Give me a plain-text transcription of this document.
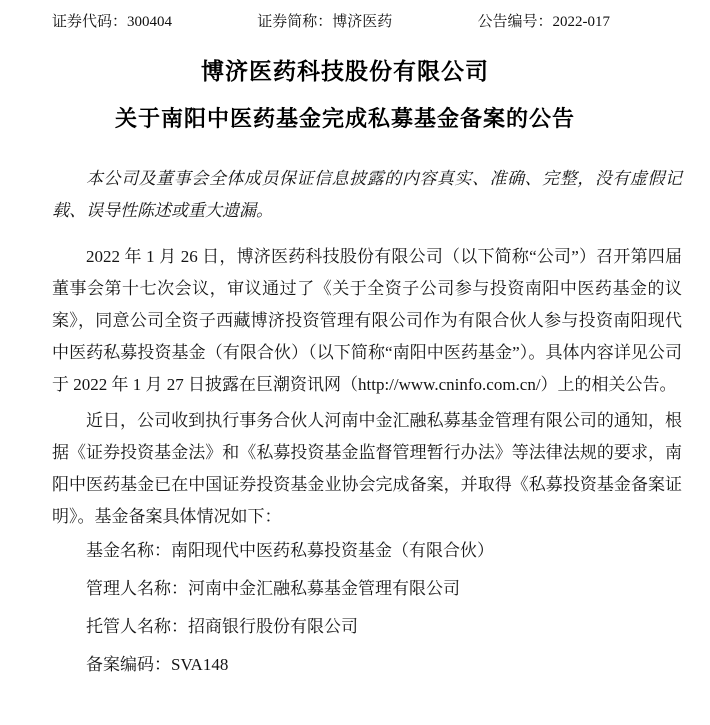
证券代码：300404	证券简称：博济医药	公告编号：2022-017
博济医药科技股份有限公司
关于南阳中医药基金完成私募基金备案的公告

本公司及董事会全体成员保证信息披露的内容真实、准确、完整，没有虚假记载、误导性陈述或重大遗漏。

2022 年 1 月 26 日，博济医药科技股份有限公司（以下简称“公司”）召开第四届董事会第十七次会议，审议通过了《关于全资子公司参与投资南阳中医药基金的议案》，同意公司全资子西藏博济投资管理有限公司作为有限合伙人参与投资南阳现代中医药私募投资基金（有限合伙）（以下简称“南阳中医药基金”）。具体内容详见公司于 2022 年 1 月 27 日披露在巨潮资讯网（http://www.cninfo.com.cn/）上的相关公告。

近日，公司收到执行事务合伙人河南中金汇融私募基金管理有限公司的通知，根据《证券投资基金法》和《私募投资基金监督管理暂行办法》等法律法规的要求，南阳中医药基金已在中国证券投资基金业协会完成备案，并取得《私募投资基金备案证明》。基金备案具体情况如下：

基金名称：南阳现代中医药私募投资基金（有限合伙）

管理人名称：河南中金汇融私募基金管理有限公司

托管人名称：招商银行股份有限公司

备案编码：SVA148
